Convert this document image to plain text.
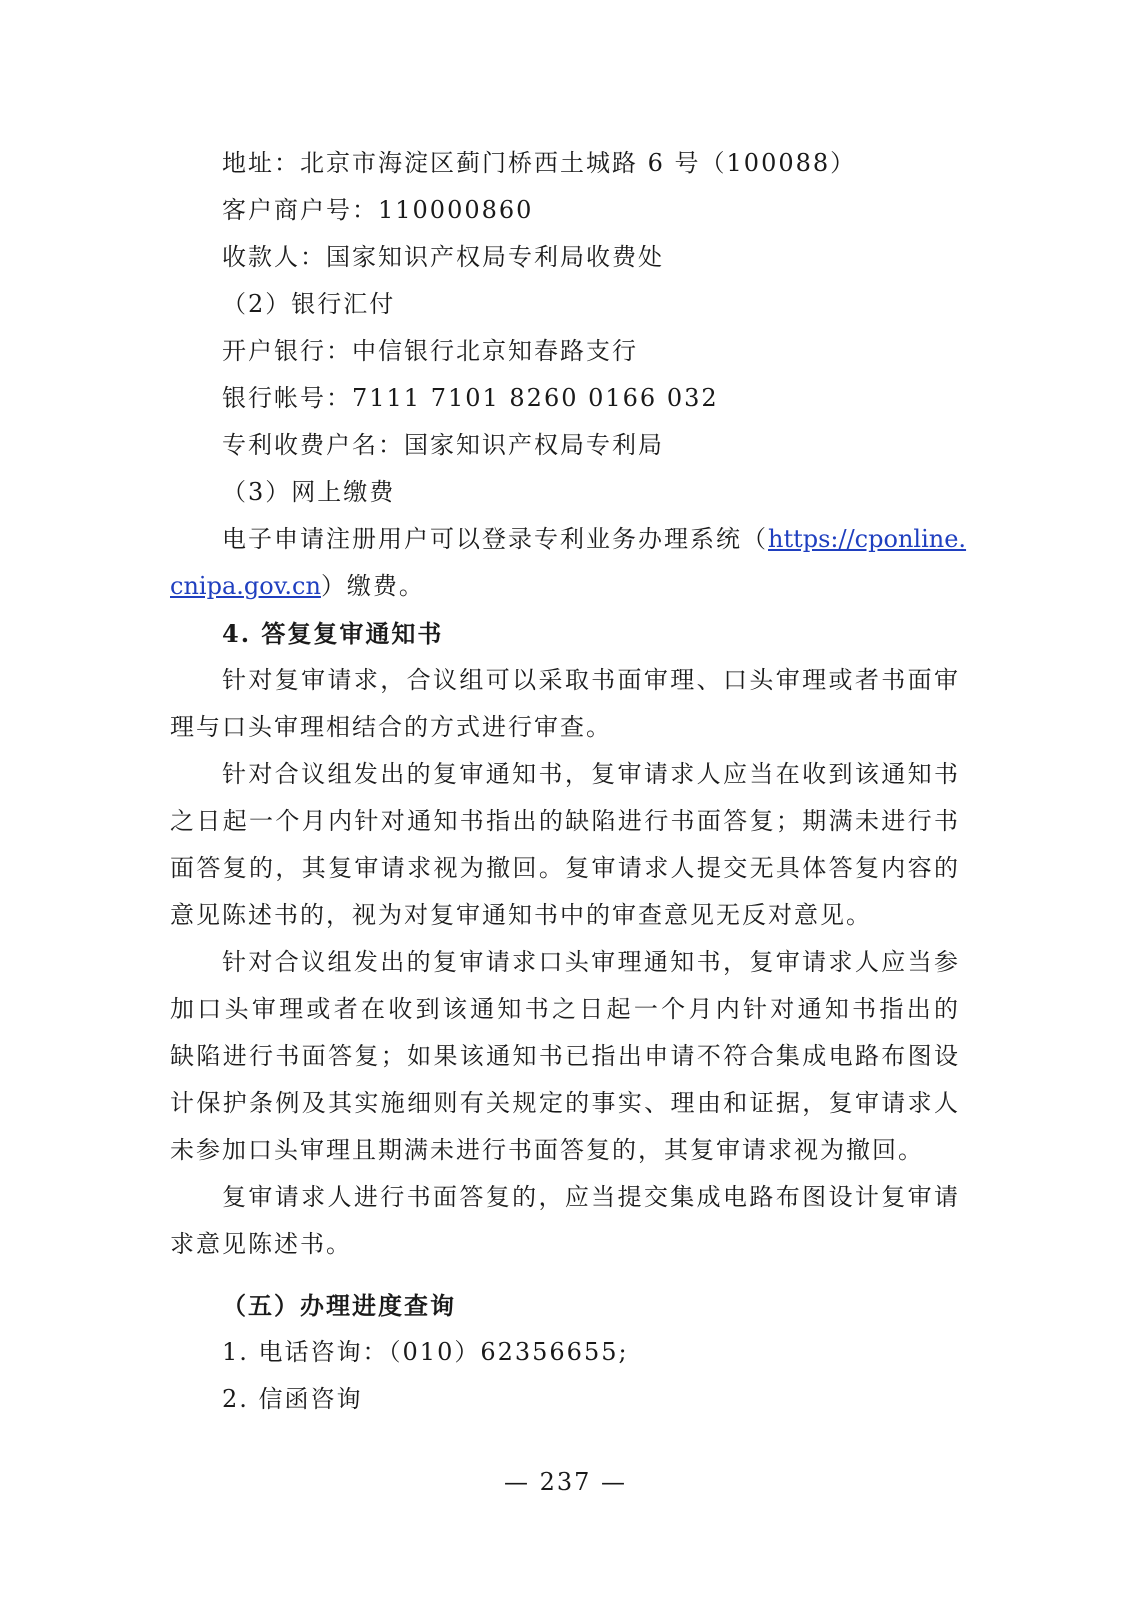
地址：北京市海淀区蓟门桥西土城路 6 号（100088）
客户商户号：110000860
收款人：国家知识产权局专利局收费处
（2）银行汇付
开户银行：中信银行北京知春路支行
银行帐号：7111 7101 8260 0166 032
专利收费户名：国家知识产权局专利局
（3）网上缴费
电子申请注册用户可以登录专利业务办理系统（https://cponline.
cnipa.gov.cn）缴费。
4. 答复复审通知书
针对复审请求，合议组可以采取书面审理、口头审理或者书面审
理与口头审理相结合的方式进行审查。
针对合议组发出的复审通知书，复审请求人应当在收到该通知书
之日起一个月内针对通知书指出的缺陷进行书面答复；期满未进行书
面答复的，其复审请求视为撤回。复审请求人提交无具体答复内容的
意见陈述书的，视为对复审通知书中的审查意见无反对意见。
针对合议组发出的复审请求口头审理通知书，复审请求人应当参
加口头审理或者在收到该通知书之日起一个月内针对通知书指出的
缺陷进行书面答复；如果该通知书已指出申请不符合集成电路布图设
计保护条例及其实施细则有关规定的事实、理由和证据，复审请求人
未参加口头审理且期满未进行书面答复的，其复审请求视为撤回。
复审请求人进行书面答复的，应当提交集成电路布图设计复审请
求意见陈述书。
（五）办理进度查询
1. 电话咨询：（010）62356655;
2. 信函咨询
— 237 —
